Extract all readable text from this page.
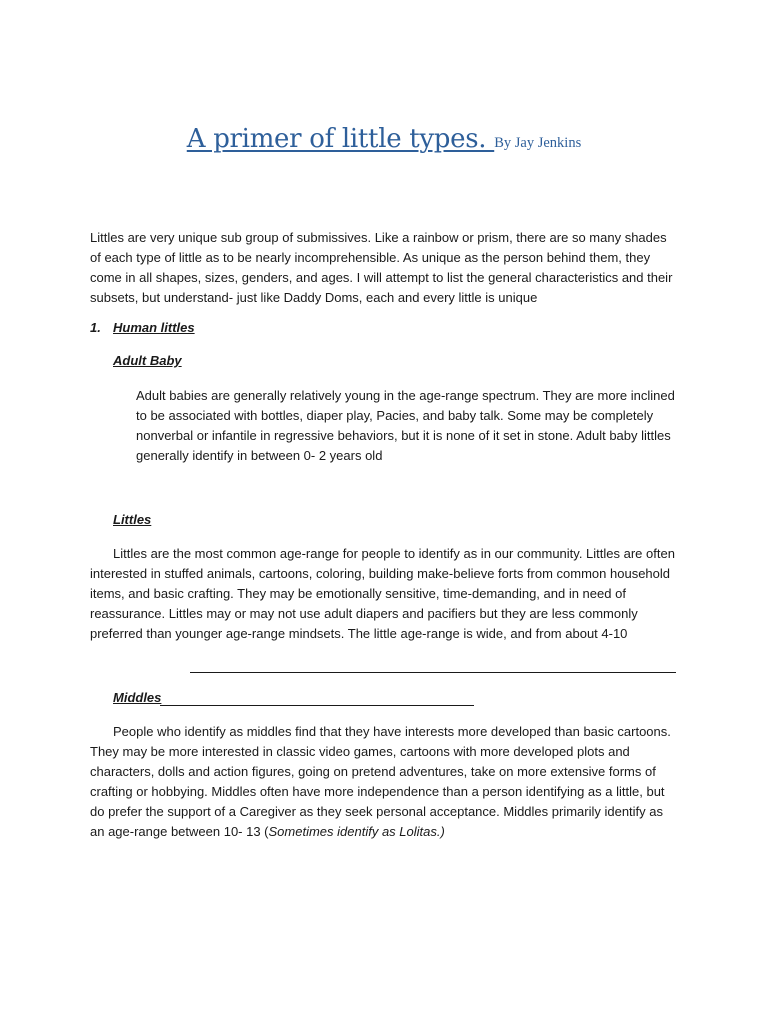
A primer of little types. By Jay Jenkins

Littles are very unique sub group of submissives. Like a rainbow or prism, there are so many shades of each type of little as to be nearly incomprehensible. As unique as the person behind them, they come in all shapes, sizes, genders, and ages. I will attempt to list the general characteristics and their subsets, but understand- just like Daddy Doms, each and every little is unique

1. Human littles
Adult Baby

Adult babies are generally relatively young in the age-range spectrum. They are more inclined to be associated with bottles, diaper play, Pacies, and baby talk. Some may be completely nonverbal or infantile in regressive behaviors, but it is none of it set in stone. Adult baby littles generally identify in between 0- 2 years old

Littles

Littles are the most common age-range for people to identify as in our community. Littles are often interested in stuffed animals, cartoons, coloring, building make-believe forts from common household items, and basic crafting. They may be emotionally sensitive, time-demanding, and in need of reassurance. Littles may or may not use adult diapers and pacifiers but they are less commonly preferred than younger age-range mindsets. The little age-range is wide, and from about 4-10

Middles

People who identify as middles find that they have interests more developed than basic cartoons. They may be more interested in classic video games, cartoons with more developed plots and characters, dolls and action figures, going on pretend adventures, take on more extensive forms of crafting or hobbying. Middles often have more independence than a person identifying as a little, but do prefer the support of a Caregiver as they seek personal acceptance. Middles primarily identify as an age-range between 10- 13 (Sometimes identify as Lolitas.)
